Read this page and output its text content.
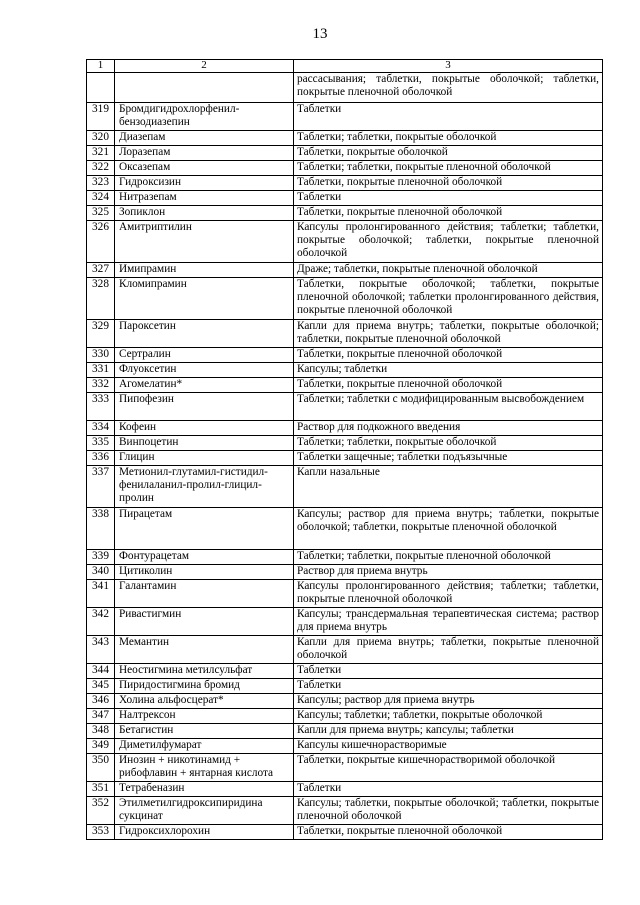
13
1	2	3
		рассасывания; таблетки, покрытые оболочкой; таблетки, покрытые пленочной оболочкой
319	Бромдигидрохлорфенил-бензодиазепин	Таблетки
320	Диазепам	Таблетки; таблетки, покрытые оболочкой
321	Лоразепам	Таблетки, покрытые оболочкой
322	Оксазепам	Таблетки; таблетки, покрытые пленочной оболочкой
323	Гидроксизин	Таблетки, покрытые пленочной оболочкой
324	Нитразепам	Таблетки
325	Зопиклон	Таблетки, покрытые пленочной оболочкой
326	Амитриптилин	Капсулы пролонгированного действия; таблетки; таблетки, покрытые оболочкой; таблетки, покрытые пленочной оболочкой
327	Имипрамин	Драже; таблетки, покрытые пленочной оболочкой
328	Кломипрамин	Таблетки, покрытые оболочкой; таблетки, покрытые пленочной оболочкой; таблетки пролонгированного действия, покрытые пленочной оболочкой
329	Пароксетин	Капли для приема внутрь; таблетки, покрытые оболочкой; таблетки, покрытые пленочной оболочкой
330	Сертралин	Таблетки, покрытые пленочной оболочкой
331	Флуоксетин	Капсулы; таблетки
332	Агомелатин*	Таблетки, покрытые пленочной оболочкой
333	Пипофезин	Таблетки; таблетки с модифицированным высвобождением
334	Кофеин	Раствор для подкожного введения
335	Винпоцетин	Таблетки; таблетки, покрытые оболочкой
336	Глицин	Таблетки защечные; таблетки подъязычные
337	Метионил-глутамил-гистидил-фенилаланил-пролил-глицил-пролин	Капли назальные
338	Пирацетам	Капсулы; раствор для приема внутрь; таблетки, покрытые оболочкой; таблетки, покрытые пленочной оболочкой
339	Фонтурацетам	Таблетки; таблетки, покрытые пленочной оболочкой
340	Цитиколин	Раствор для приема внутрь
341	Галантамин	Капсулы пролонгированного действия; таблетки; таблетки, покрытые пленочной оболочкой
342	Ривастигмин	Капсулы; трансдермальная терапевтическая система; раствор для приема внутрь
343	Мемантин	Капли для приема внутрь; таблетки, покрытые пленочной оболочкой
344	Неостигмина метилсульфат	Таблетки
345	Пиридостигмина бромид	Таблетки
346	Холина альфосцерат*	Капсулы; раствор для приема внутрь
347	Налтрексон	Капсулы; таблетки; таблетки, покрытые оболочкой
348	Бетагистин	Капли для приема внутрь; капсулы; таблетки
349	Диметилфумарат	Капсулы кишечнорастворимые
350	Инозин + никотинамид + рибофлавин + янтарная кислота	Таблетки, покрытые кишечнорастворимой оболочкой
351	Тетрабеназин	Таблетки
352	Этилметилгидроксипиридина сукцинат	Капсулы; таблетки, покрытые оболочкой; таблетки, покрытые пленочной оболочкой
353	Гидроксихлорохин	Таблетки, покрытые пленочной оболочкой
